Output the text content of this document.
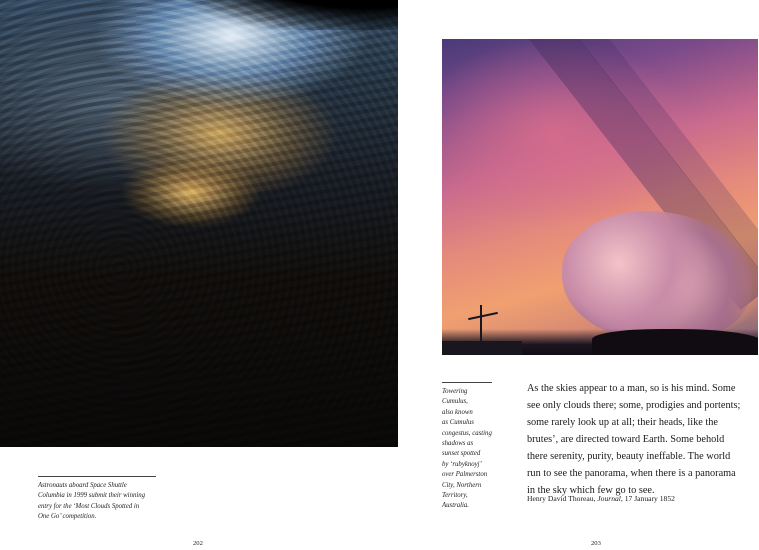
Astronauts aboard Space Shuttle
Columbia in 1999 submit their winning
entry for the ‘Most Clouds Spotted in
One Go’ competition.
202
Towering
Cumulus,
also known
as Cumulus
congestus, casting
shadows as
sunset spotted
by ‘rubyknoyj’
over Palmerston
City, Northern
Territory,
Australia.
As the skies appear to a man, so is his mind. Some
see only clouds there; some, prodigies and portents;
some rarely look up at all; their heads, like the
brutes’, are directed toward Earth. Some behold
there serenity, purity, beauty ineffable. The world
run to see the panorama, when there is a panorama
in the sky which few go to see.
Henry David Thoreau, Journal, 17 January 1852
203
